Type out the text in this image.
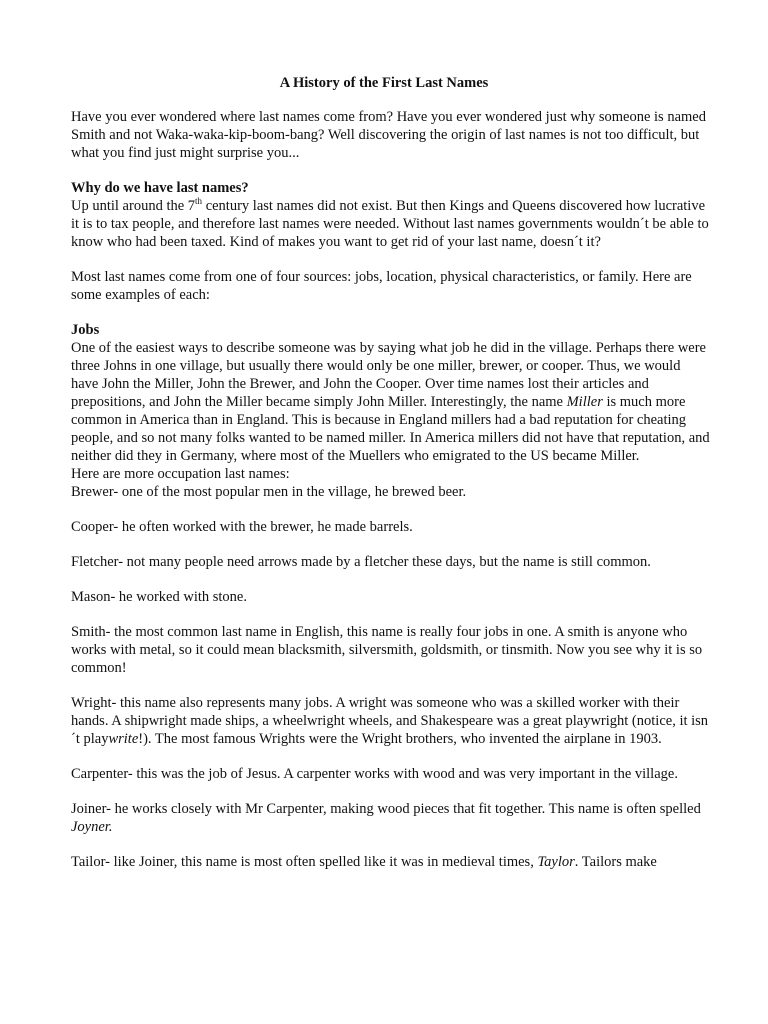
A History of the First Last Names

Have you ever wondered where last names come from? Have you ever wondered just why someone is named Smith and not Waka-waka-kip-boom-bang? Well discovering the origin of last names is not too difficult, but what you find just might surprise you...

Why do we have last names?

Up until around the 7th century last names did not exist. But then Kings and Queens discovered how lucrative it is to tax people, and therefore last names were needed. Without last names governments wouldn´t be able to know who had been taxed. Kind of makes you want to get rid of your last name, doesn´t it?

Most last names come from one of four sources: jobs, location, physical characteristics, or family. Here are some examples of each:

Jobs

One of the easiest ways to describe someone was by saying what job he did in the village. Perhaps there were three Johns in one village, but usually there would only be one miller, brewer, or cooper. Thus, we would have John the Miller, John the Brewer, and John the Cooper. Over time names lost their articles and prepositions, and John the Miller became simply John Miller. Interestingly, the name Miller is much more common in America than in England. This is because in England millers had a bad reputation for cheating people, and so not many folks wanted to be named miller. In America millers did not have that reputation, and neither did they in Germany, where most of the Muellers who emigrated to the US became Miller.

Here are more occupation last names:

Brewer- one of the most popular men in the village, he brewed beer.

Cooper- he often worked with the brewer, he made barrels.

Fletcher- not many people need arrows made by a fletcher these days, but the name is still common.

Mason- he worked with stone.

Smith- the most common last name in English, this name is really four jobs in one. A smith is anyone who works with metal, so it could mean blacksmith, silversmith, goldsmith, or tinsmith. Now you see why it is so common!

Wright- this name also represents many jobs. A wright was someone who was a skilled worker with their hands. A shipwright made ships, a wheelwright wheels, and Shakespeare was a great playwright (notice, it isn´t playwrite!). The most famous Wrights were the Wright brothers, who invented the airplane in 1903.

Carpenter- this was the job of Jesus. A carpenter works with wood and was very important in the village.

Joiner- he works closely with Mr Carpenter, making wood pieces that fit together. This name is often spelled Joyner.

Tailor- like Joiner, this name is most often spelled like it was in medieval times, Taylor. Tailors make
